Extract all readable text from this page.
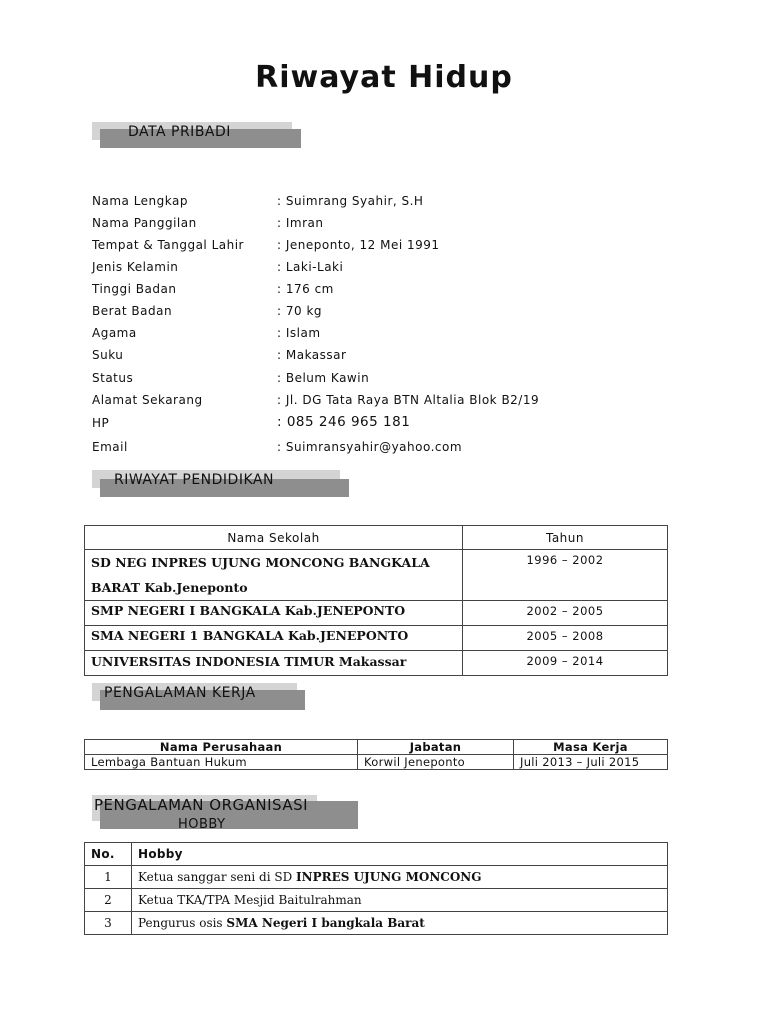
Riwayat Hidup
DATA PRIBADI
Nama Lengkap	: Suimrang Syahir, S.H
Nama Panggilan	: Imran
Tempat & Tanggal Lahir	: Jeneponto, 12 Mei 1991
Jenis Kelamin	: Laki-Laki
Tinggi Badan	: 176 cm
Berat Badan	: 70 kg
Agama	: Islam
Suku	: Makassar
Status	: Belum Kawin
Alamat Sekarang	: Jl. DG Tata Raya BTN Altalia Blok B2/19
HP	: 085 246 965 181
Email	: Suimransyahir@yahoo.com
RIWAYAT PENDIDIKAN
Nama Sekolah	Tahun
SD NEG INPRES UJUNG MONCONG BANGKALA BARAT Kab.Jeneponto	1996 – 2002
SMP NEGERI I BANGKALA Kab.JENEPONTO	2002 – 2005
SMA NEGERI 1 BANGKALA Kab.JENEPONTO	2005 – 2008
UNIVERSITAS INDONESIA TIMUR Makassar	2009 – 2014
PENGALAMAN KERJA
Nama Perusahaan	Jabatan	Masa Kerja
Lembaga Bantuan Hukum	Korwil Jeneponto	Juli 2013 – Juli 2015
HOBBY
PENGALAMAN ORGANISASI
No.	Hobby
1	Ketua sanggar seni di SD INPRES UJUNG MONCONG
2	Ketua TKA/TPA Mesjid Baitulrahman
3	Pengurus osis SMA Negeri I bangkala Barat
